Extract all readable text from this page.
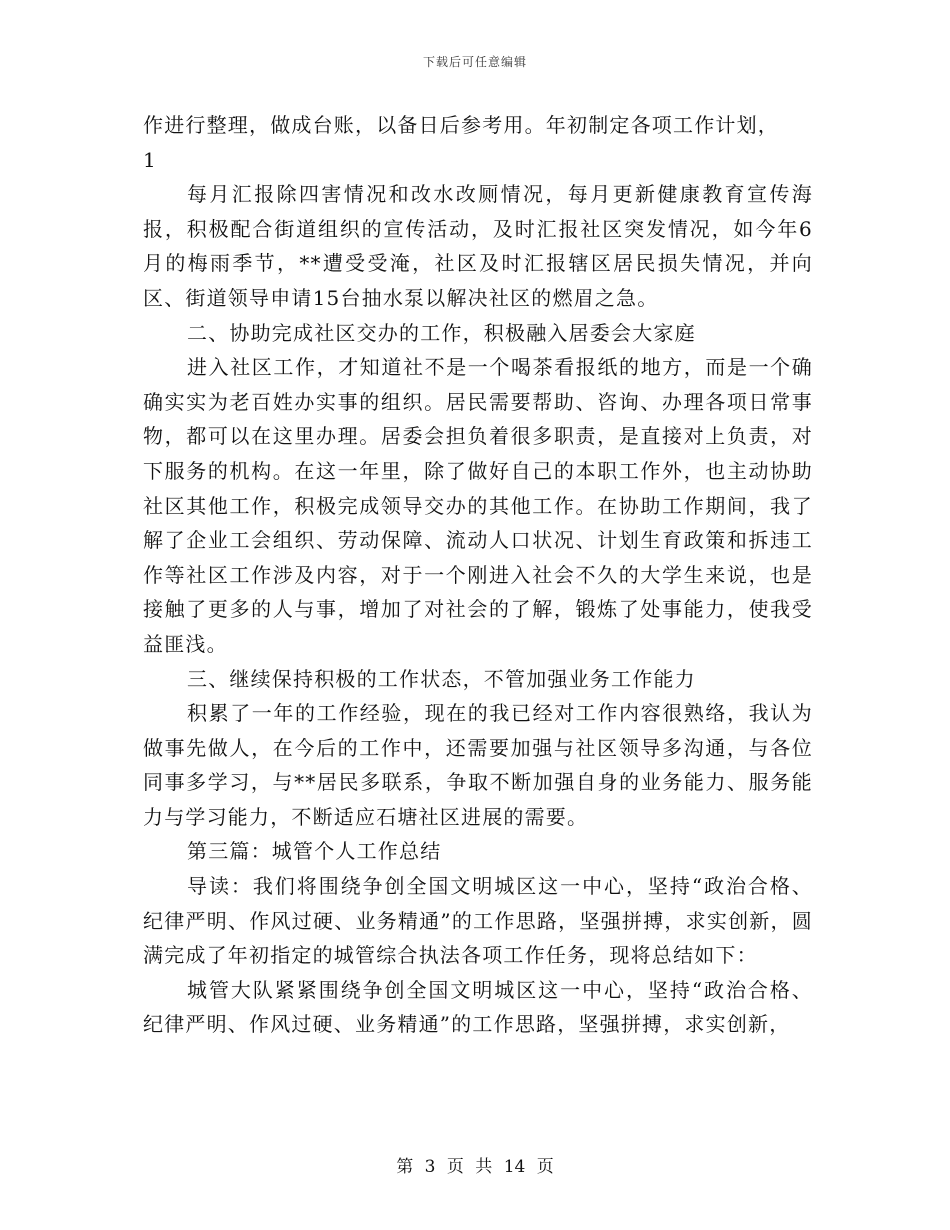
下载后可任意编辑

作进行整理，做成台账，以备日后参考用。年初制定各项工作计划，

1

每月汇报除四害情况和改水改厕情况，每月更新健康教育宣传海报，积极配合街道组织的宣传活动，及时汇报社区突发情况，如今年6月的梅雨季节，**遭受受淹，社区及时汇报辖区居民损失情况，并向区、街道领导申请15台抽水泵以解决社区的燃眉之急。

二、协助完成社区交办的工作，积极融入居委会大家庭

进入社区工作，才知道社不是一个喝茶看报纸的地方，而是一个确确实实为老百姓办实事的组织。居民需要帮助、咨询、办理各项日常事物，都可以在这里办理。居委会担负着很多职责，是直接对上负责，对下服务的机构。在这一年里，除了做好自己的本职工作外，也主动协助社区其他工作，积极完成领导交办的其他工作。在协助工作期间，我了解了企业工会组织、劳动保障、流动人口状况、计划生育政策和拆违工作等社区工作涉及内容，对于一个刚进入社会不久的大学生来说，也是接触了更多的人与事，增加了对社会的了解，锻炼了处事能力，使我受益匪浅。

三、继续保持积极的工作状态，不管加强业务工作能力

积累了一年的工作经验，现在的我已经对工作内容很熟络，我认为做事先做人，在今后的工作中，还需要加强与社区领导多沟通，与各位同事多学习，与**居民多联系，争取不断加强自身的业务能力、服务能力与学习能力，不断适应石塘社区进展的需要。

第三篇：城管个人工作总结

导读：我们将围绕争创全国文明城区这一中心，坚持“政治合格、纪律严明、作风过硬、业务精通”的工作思路，坚强拼搏，求实创新，圆满完成了年初指定的城管综合执法各项工作任务，现将总结如下：

城管大队紧紧围绕争创全国文明城区这一中心，坚持“政治合格、纪律严明、作风过硬、业务精通”的工作思路，坚强拼搏，求实创新，

第 3 页 共 14 页
